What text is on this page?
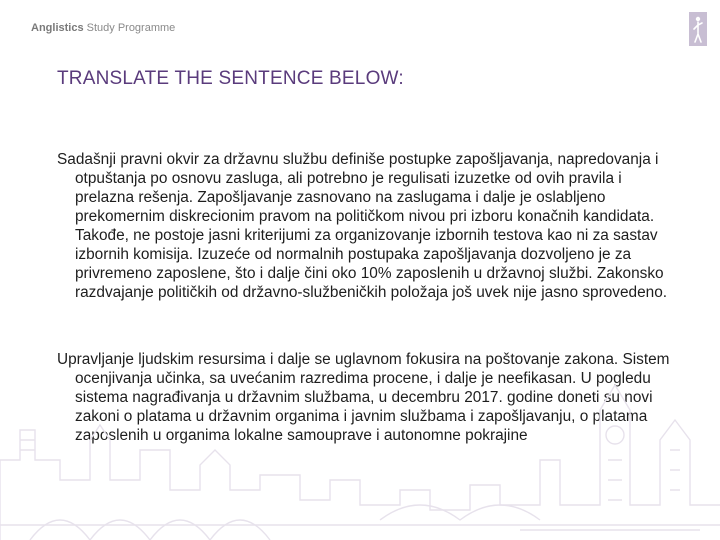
Anglistics Study Programme
TRANSLATE THE SENTENCE BELOW:
Sadašnji pravni okvir za državnu službu definiše postupke zapošljavanja, napredovanja i otpuštanja po osnovu zasluga, ali potrebno je regulisati izuzetke od ovih pravila i prelazna rešenja. Zapošljavanje zasnovano na zaslugama i dalje je oslabljeno prekomernim diskrecionim pravom na političkom nivou pri izboru konačnih kandidata. Takođe, ne postoje jasni kriterijumi za organizovanje izbornih testova kao ni za sastav izbornih komisija. Izuzeće od normalnih postupaka zapošljavanja dozvoljeno je za privremeno zaposlene, što i dalje čini oko 10% zaposlenih u državnoj službi. Zakonsko razdvajanje političkih od državno-službeničkih položaja još uvek nije jasno sprovedeno.
Upravljanje ljudskim resursima i dalje se uglavnom fokusira na poštovanje zakona. Sistem ocenjivanja učinka, sa uvećanim razredima procene, i dalje je neefikasan. U pogledu sistema nagrađivanja u državnim službama, u decembru 2017. godine doneti su novi zakoni o platama u državnim organima i javnim službama i zapošljavanju, o platama zaposlenih u organima lokalne samouprave i autonomne pokrajine
